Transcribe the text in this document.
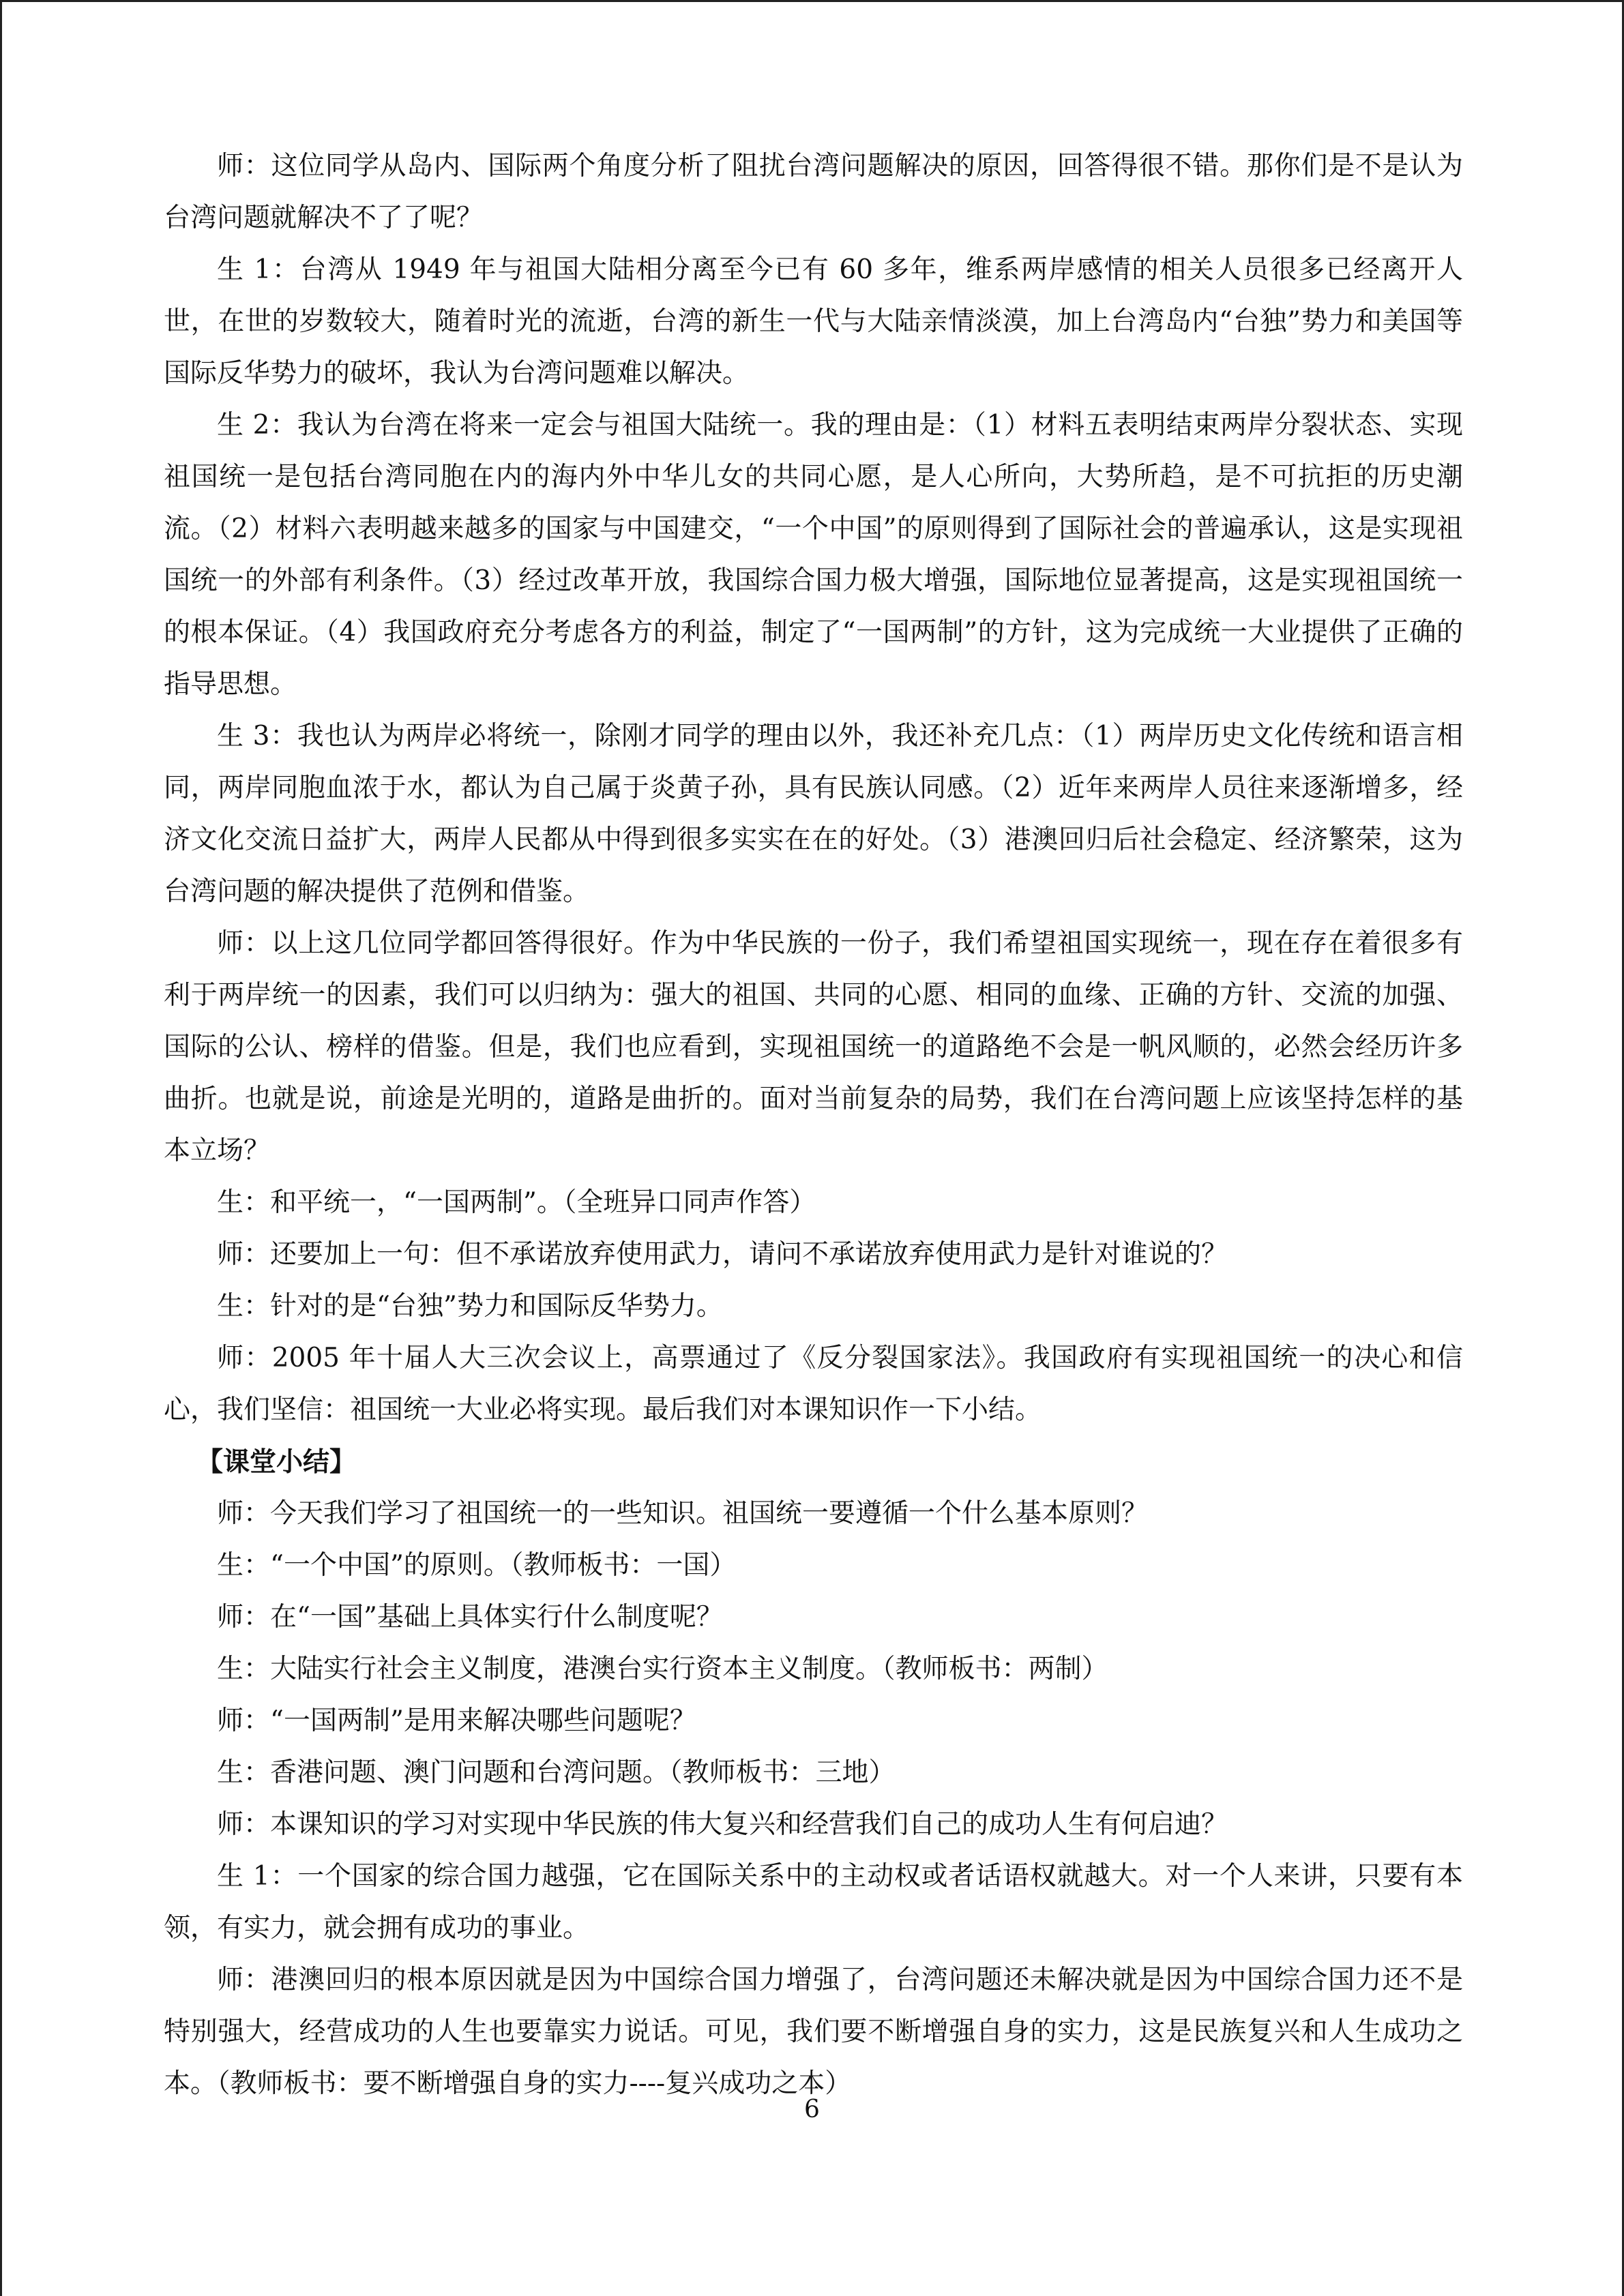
师：这位同学从岛内、国际两个角度分析了阻扰台湾问题解决的原因，回答得很不错。那你们是不是认为台湾问题就解决不了了呢？

生 1：台湾从 1949 年与祖国大陆相分离至今已有 60 多年，维系两岸感情的相关人员很多已经离开人世，在世的岁数较大，随着时光的流逝，台湾的新生一代与大陆亲情淡漠，加上台湾岛内“台独”势力和美国等国际反华势力的破坏，我认为台湾问题难以解决。

生 2：我认为台湾在将来一定会与祖国大陆统一。我的理由是：（1）材料五表明结束两岸分裂状态、实现祖国统一是包括台湾同胞在内的海内外中华儿女的共同心愿，是人心所向，大势所趋，是不可抗拒的历史潮流。（2）材料六表明越来越多的国家与中国建交，“一个中国”的原则得到了国际社会的普遍承认，这是实现祖国统一的外部有利条件。（3）经过改革开放，我国综合国力极大增强，国际地位显著提高，这是实现祖国统一的根本保证。（4）我国政府充分考虑各方的利益，制定了“一国两制”的方针，这为完成统一大业提供了正确的指导思想。

生 3：我也认为两岸必将统一，除刚才同学的理由以外，我还补充几点：（1）两岸历史文化传统和语言相同，两岸同胞血浓于水，都认为自己属于炎黄子孙，具有民族认同感。（2）近年来两岸人员往来逐渐增多，经济文化交流日益扩大，两岸人民都从中得到很多实实在在的好处。（3）港澳回归后社会稳定、经济繁荣，这为台湾问题的解决提供了范例和借鉴。

师：以上这几位同学都回答得很好。作为中华民族的一份子，我们希望祖国实现统一，现在存在着很多有利于两岸统一的因素，我们可以归纳为：强大的祖国、共同的心愿、相同的血缘、正确的方针、交流的加强、国际的公认、榜样的借鉴。但是，我们也应看到，实现祖国统一的道路绝不会是一帆风顺的，必然会经历许多曲折。也就是说，前途是光明的，道路是曲折的。面对当前复杂的局势，我们在台湾问题上应该坚持怎样的基本立场？

生：和平统一，“一国两制”。（全班异口同声作答）

师：还要加上一句：但不承诺放弃使用武力，请问不承诺放弃使用武力是针对谁说的？

生：针对的是“台独”势力和国际反华势力。

师：2005 年十届人大三次会议上，高票通过了《反分裂国家法》。我国政府有实现祖国统一的决心和信心，我们坚信：祖国统一大业必将实现。最后我们对本课知识作一下小结。

【课堂小结】

师：今天我们学习了祖国统一的一些知识。祖国统一要遵循一个什么基本原则？

生：“一个中国”的原则。（教师板书：一国）

师：在“一国”基础上具体实行什么制度呢？

生：大陆实行社会主义制度，港澳台实行资本主义制度。（教师板书：两制）

师：“一国两制”是用来解决哪些问题呢？

生：香港问题、澳门问题和台湾问题。（教师板书：三地）

师：本课知识的学习对实现中华民族的伟大复兴和经营我们自己的成功人生有何启迪？

生 1：一个国家的综合国力越强，它在国际关系中的主动权或者话语权就越大。对一个人来讲，只要有本领，有实力，就会拥有成功的事业。

师：港澳回归的根本原因就是因为中国综合国力增强了，台湾问题还未解决就是因为中国综合国力还不是特别强大，经营成功的人生也要靠实力说话。可见，我们要不断增强自身的实力，这是民族复兴和人生成功之本。（教师板书：要不断增强自身的实力----复兴成功之本）

6
